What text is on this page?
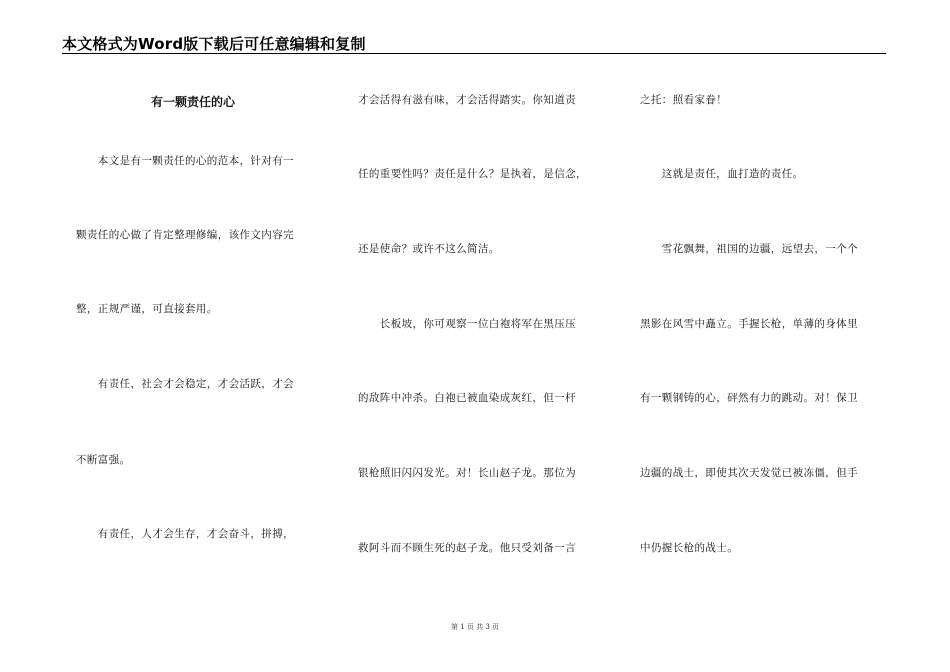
本文格式为Word版下载后可任意编辑和复制
有一颗责任的心
　　本文是有一颗责任的心的范本，针对有一
颗责任的心做了肯定整理修编，该作文内容完
整，正规严谨，可直接套用。
　　有责任，社会才会稳定，才会活跃，才会
不断富强。
　　有责任，人才会生存，才会奋斗，拼搏，
才会活得有滋有味，才会活得踏实。你知道责
任的重要性吗？责任是什么？是执着，是信念，
还是使命？或许不这么简洁。
　　长板坡，你可观察一位白袍将军在黑压压
的敌阵中冲杀。白袍已被血染成灰红，但一杆
银枪照旧闪闪发光。对！长山赵子龙。那位为
救阿斗而不顾生死的赵子龙。他只受刘备一言
之托：照看家眷！
　　这就是责任，血打造的责任。
　　雪花飘舞，祖国的边疆，远望去，一个个
黑影在风雪中矗立。手握长枪，单薄的身体里
有一颗钢铸的心，砰然有力的跳动。对！保卫
边疆的战士，即使其次天发觉已被冻僵，但手
中仍握长枪的战士。
第 1 页 共 3 页
